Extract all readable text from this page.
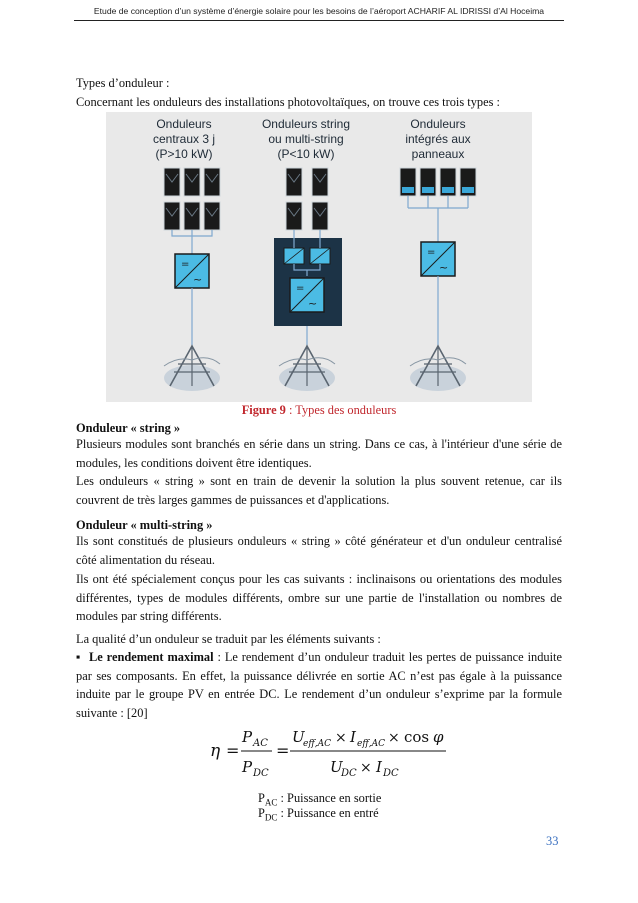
Etude de conception d’un système d’énergie solaire pour les besoins de l’aéroport ACHARIF AL IDRISSI d’Al Hoceima
Types d’onduleur :
Concernant les onduleurs des installations photovoltaïques, on trouve ces trois types :
=
~
Onduleurs
centraux 3 j
(P>10 kW)
Onduleurs string
ou multi-string
(P<10 kW)
Onduleurs
intégrés aux
panneaux
Figure 9 : Types des onduleurs
Onduleur « string »
Plusieurs modules sont branchés en série dans un string. Dans ce cas, à l'intérieur d'une série de modules, les conditions doivent être identiques.
Les onduleurs « string » sont en train de devenir la solution la plus souvent retenue, car ils couvrent de très larges gammes de puissances et d'applications.
Onduleur « multi-string »
Ils sont constitués de plusieurs onduleurs « string » côté générateur et d'un onduleur centralisé côté alimentation du réseau.
Ils ont été spécialement conçus pour les cas suivants : inclinaisons ou orientations des modules différentes, types de modules différents, ombre sur une partie de l'installation ou nombres de modules par string différents.
La qualité d’un onduleur se traduit par les éléments suivants :
▪ Le rendement maximal : Le rendement d’un onduleur traduit les pertes de puissance induite par ses composants. En effet, la puissance délivrée en sortie AC n’est pas égale à la puissance induite par le groupe PV en entrée DC. Le rendement d’un onduleur s’exprime par la formule suivante : [20]
η =
P AC
P DC
=
U
eff,AC × I eff,AC × cos φ
U
DC × I DC
$P_{AC}$ : Puissance en sortie
$P_{DC}$ : Puissance en entré
33
